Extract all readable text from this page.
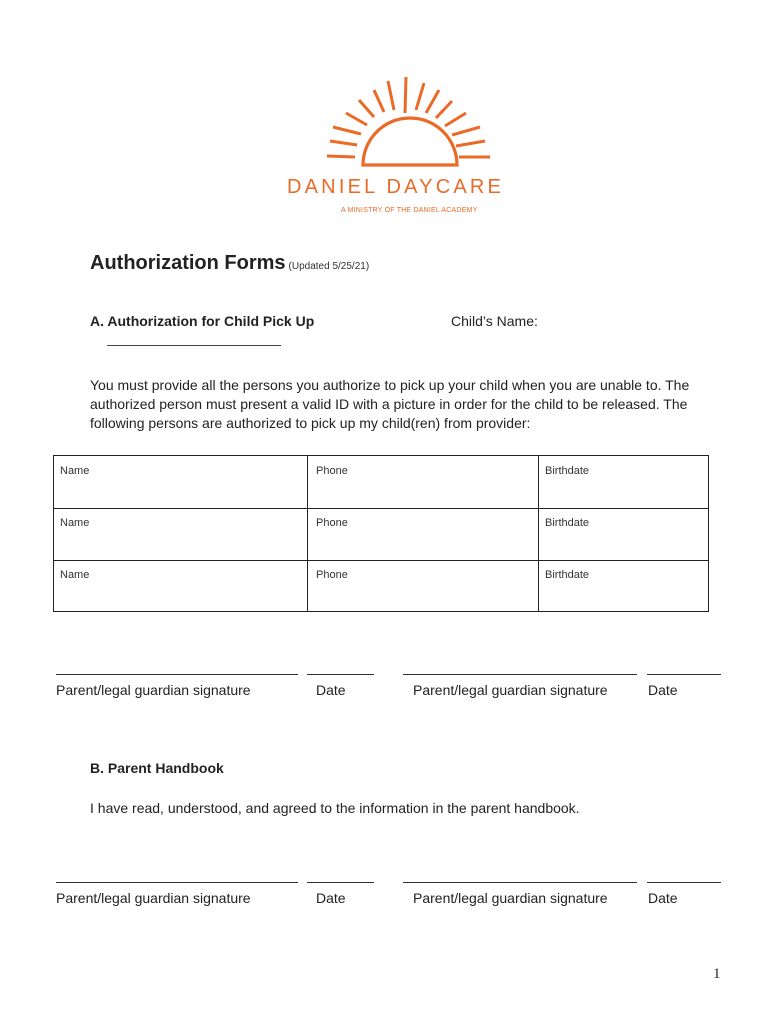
DANIEL DAYCARE
A MINISTRY OF THE DANIEL ACADEMY
Authorization Forms (Updated 5/25/21)
A. Authorization for Child Pick Up	Child’s Name:
You must provide all the persons you authorize to pick up your child when you are unable to. The authorized person must present a valid ID with a picture in order for the child to be released. The following persons are authorized to pick up my child(ren) from provider:
Name	Phone	Birthdate
Name	Phone	Birthdate
Name	Phone	Birthdate
Parent/legal guardian signature	Date	Parent/legal guardian signature	Date
B. Parent Handbook
I have read, understood, and agreed to the information in the parent handbook.
Parent/legal guardian signature	Date	Parent/legal guardian signature	Date
1
